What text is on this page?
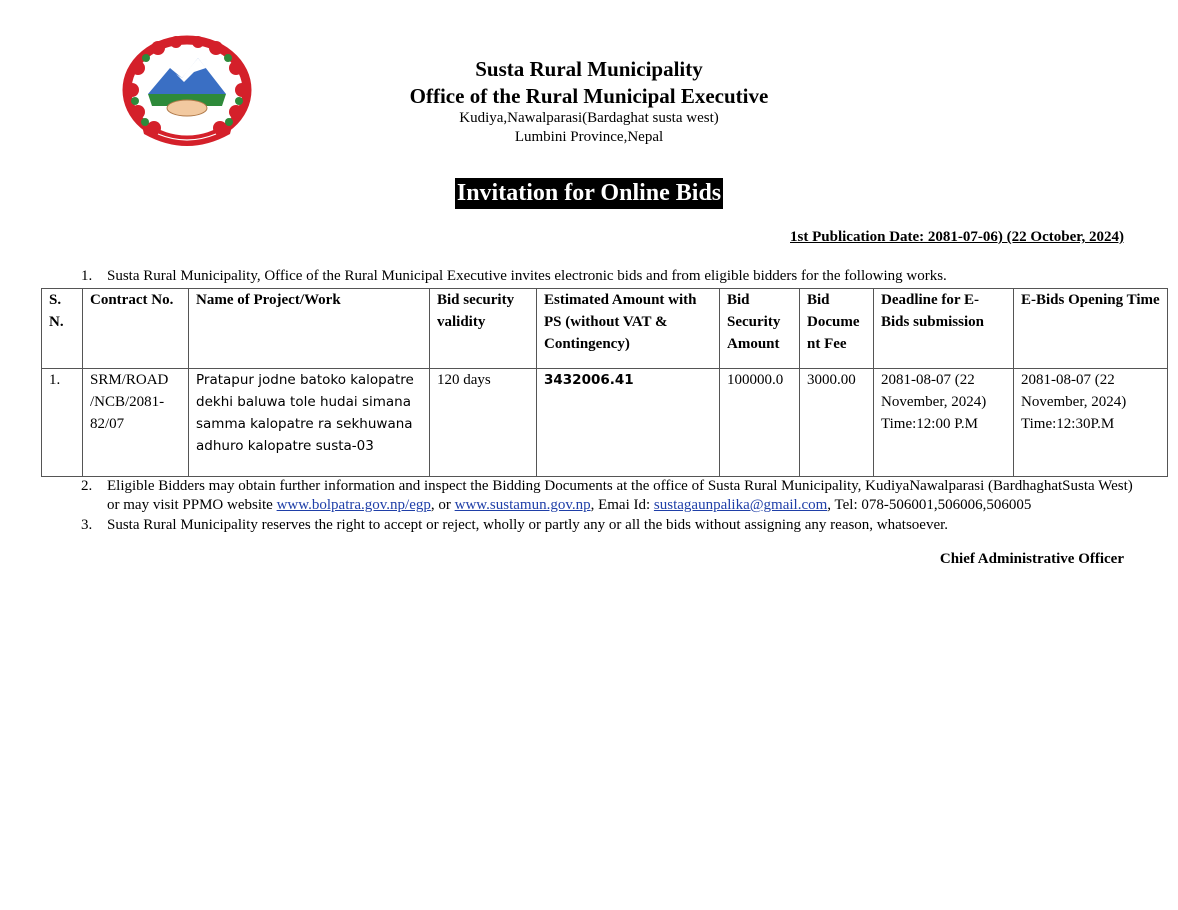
Susta Rural Municipality
Office of the Rural Municipal Executive
Kudiya,Nawalparasi(Bardaghat susta west)
Lumbini Province,Nepal
Invitation for Online Bids
1st Publication Date: 2081-07-06) (22 October, 2024)
1. Susta Rural Municipality, Office of the Rural Municipal Executive invites electronic bids and from eligible bidders for the following works.
S. N.	Contract No.	Name of Project/Work	Bid security validity	Estimated Amount with PS (without VAT & Contingency)	Bid Security Amount	Bid Docume nt Fee	Deadline for E-Bids submission	E-Bids Opening Time
1.	SRM/ROAD /NCB/2081-82/07	Pratapur jodne batoko kalopatre dekhi baluwa tole hudai simana samma kalopatre ra sekhuwana adhuro kalopatre susta-03	120 days	3432006.41	100000.0	3000.00	2081-08-07 (22 November, 2024) Time:12:00 P.M	2081-08-07 (22 November, 2024) Time:12:30P.M
2. Eligible Bidders may obtain further information and inspect the Bidding Documents at the office of Susta Rural Municipality, KudiyaNawalparasi (BardhaghatSusta West)
or may visit PPMO website www.bolpatra.gov.np/egp, or www.sustamun.gov.np, Emai Id: sustagaunpalika@gmail.com, Tel: 078-506001,506006,506005
3. Susta Rural Municipality reserves the right to accept or reject, wholly or partly any or all the bids without assigning any reason, whatsoever.
Chief Administrative Officer
